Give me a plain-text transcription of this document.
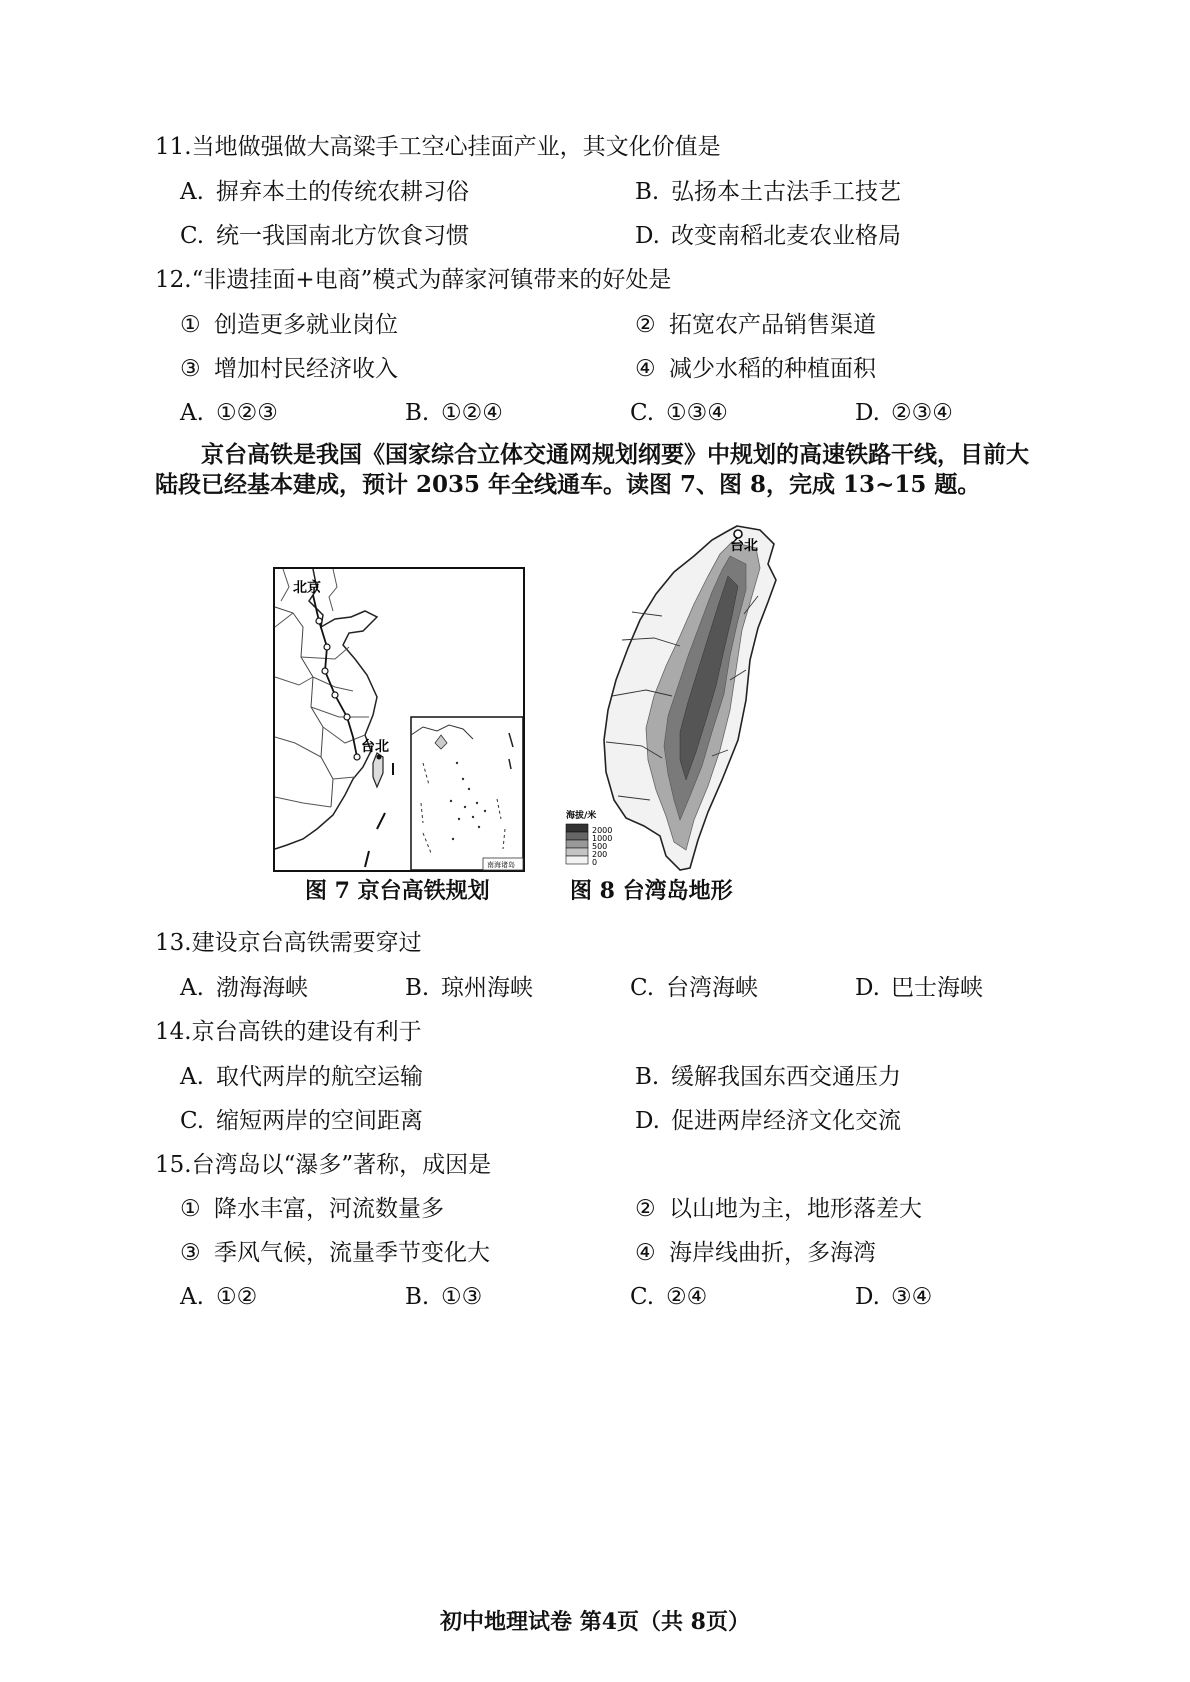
11.当地做强做大高粱手工空心挂面产业，其文化价值是
A. 摒弃本土的传统农耕习俗	B. 弘扬本土古法手工技艺
C. 统一我国南北方饮食习惯	D. 改变南稻北麦农业格局
12.“非遗挂面+电商”模式为薛家河镇带来的好处是
① 创造更多就业岗位	② 拓宽农产品销售渠道
③ 增加村民经济收入	④ 减少水稻的种植面积
A. ①②③	B. ①②④	C. ①③④	D. ②③④
京台高铁是我国《国家综合立体交通网规划纲要》中规划的高速铁路干线，目前大陆段已经基本建成，预计 2035 年全线通车。读图 7、图 8，完成 13~15 题。
北京
台北
南海诸岛
图 7 京台高铁规划
台北
海拔/米
2000
1000
500
200
0
图 8 台湾岛地形
13.建设京台高铁需要穿过
A. 渤海海峡	B. 琼州海峡	C. 台湾海峡	D. 巴士海峡
14.京台高铁的建设有利于
A. 取代两岸的航空运输	B. 缓解我国东西交通压力
C. 缩短两岸的空间距离	D. 促进两岸经济文化交流
15.台湾岛以“瀑多”著称，成因是
① 降水丰富，河流数量多	② 以山地为主，地形落差大
③ 季风气候，流量季节变化大	④ 海岸线曲折，多海湾
A. ①②	B. ①③	C. ②④	D. ③④
初中地理试卷 第4页（共 8页）
